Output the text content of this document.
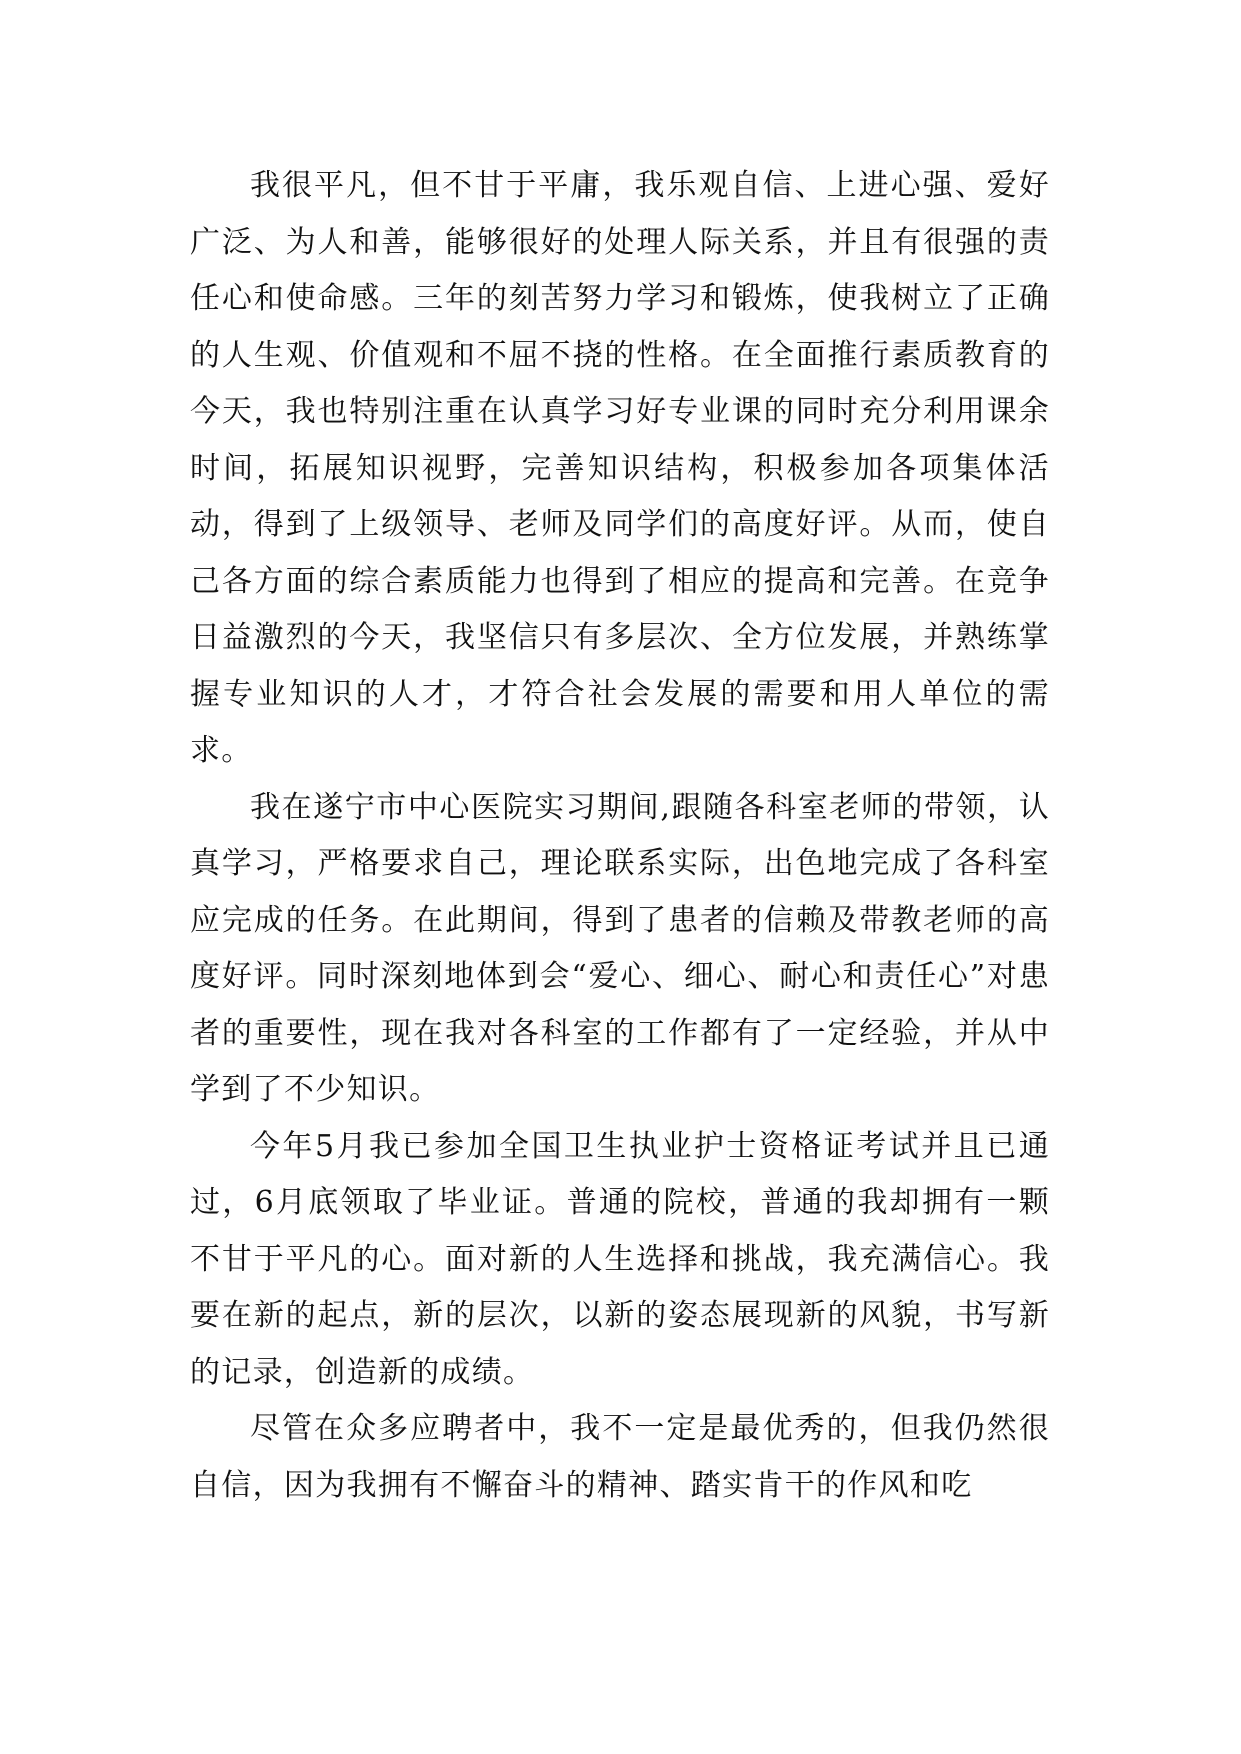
我很平凡，但不甘于平庸，我乐观自信、上进心强、爱好广泛、为人和善，能够很好的处理人际关系，并且有很强的责任心和使命感。三年的刻苦努力学习和锻炼，使我树立了正确的人生观、价值观和不屈不挠的性格。在全面推行素质教育的今天，我也特别注重在认真学习好专业课的同时充分利用课余时间，拓展知识视野，完善知识结构，积极参加各项集体活动，得到了上级领导、老师及同学们的高度好评。从而，使自己各方面的综合素质能力也得到了相应的提高和完善。在竞争日益激烈的今天，我坚信只有多层次、全方位发展，并熟练掌握专业知识的人才，才符合社会发展的需要和用人单位的需求。

我在遂宁市中心医院实习期间,跟随各科室老师的带领，认真学习，严格要求自己，理论联系实际，出色地完成了各科室应完成的任务。在此期间，得到了患者的信赖及带教老师的高度好评。同时深刻地体到会“爱心、细心、耐心和责任心”对患者的重要性，现在我对各科室的工作都有了一定经验，并从中学到了不少知识。

今年5月我已参加全国卫生执业护士资格证考试并且已通过，6月底领取了毕业证。普通的院校，普通的我却拥有一颗不甘于平凡的心。面对新的人生选择和挑战，我充满信心。我要在新的起点，新的层次，以新的姿态展现新的风貌，书写新的记录，创造新的成绩。

尽管在众多应聘者中，我不一定是最优秀的，但我仍然很自信，因为我拥有不懈奋斗的精神、踏实肯干的作风和吃
